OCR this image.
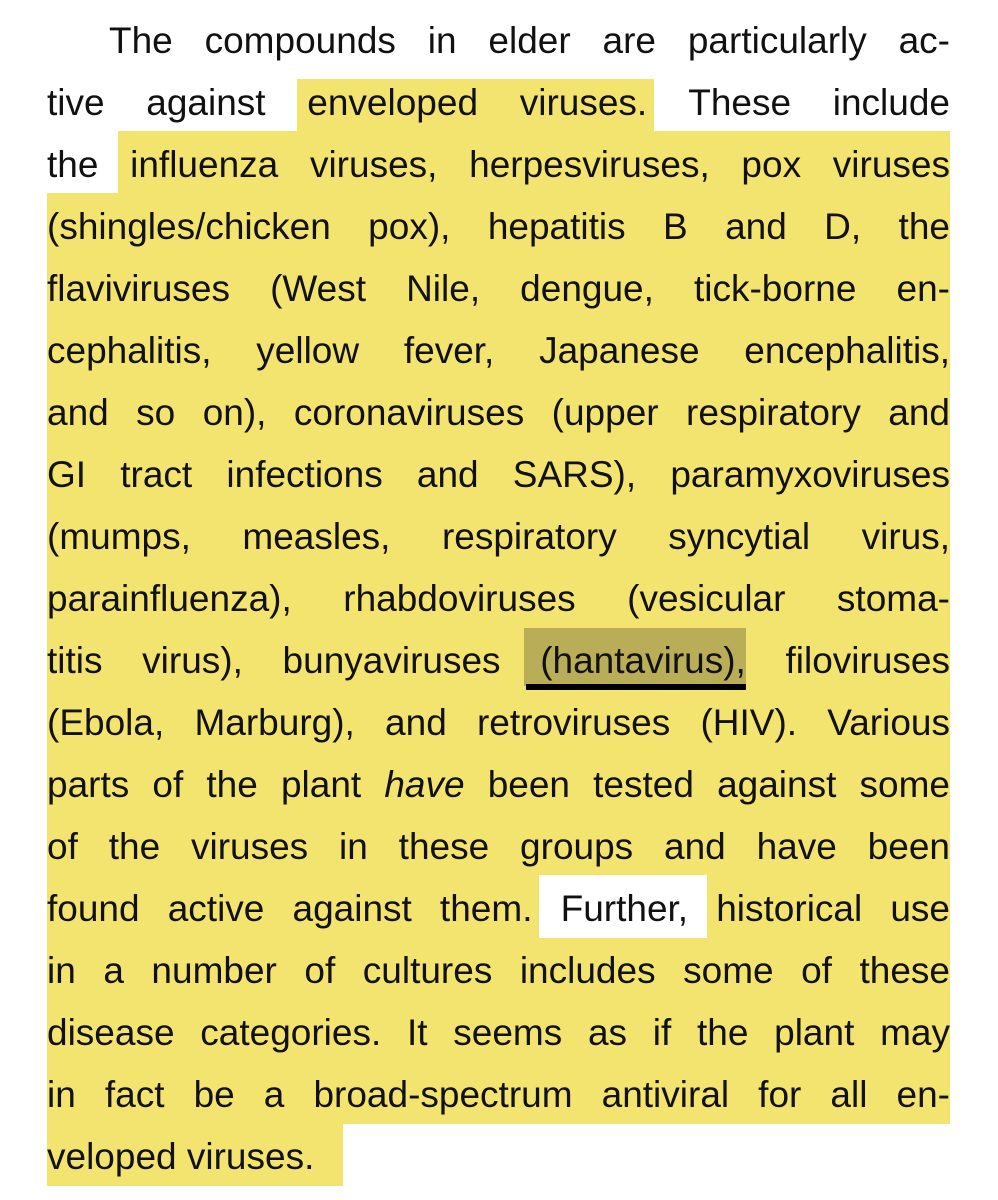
The compounds in elder are particularly ac-
tive against enveloped viruses. These include
the influenza viruses, herpesviruses, pox viruses
(shingles/chicken pox), hepatitis B and D, the
flaviviruses (West Nile, dengue, tick-borne en-
cephalitis, yellow fever, Japanese encephalitis,
and so on), coronaviruses (upper respiratory and
GI tract infections and SARS), paramyxoviruses
(mumps, measles, respiratory syncytial virus,
parainfluenza), rhabdoviruses (vesicular stoma-
titis virus), bunyaviruses (hantavirus), filoviruses
(Ebola, Marburg), and retroviruses (HIV). Various
parts of the plant have been tested against some
of the viruses in these groups and have been
found active against them. Further, historical use
in a number of cultures includes some of these
disease categories. It seems as if the plant may
in fact be a broad-spectrum antiviral for all en-
veloped viruses.
